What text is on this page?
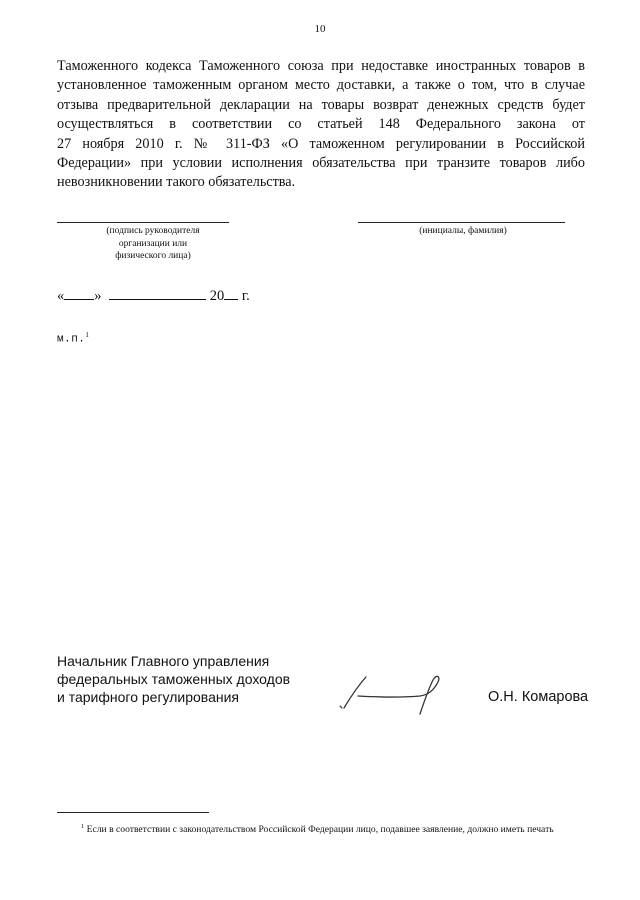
10
Таможенного кодекса Таможенного союза при недоставке иностранных товаров в
установленное таможенным органом место доставки, а также о том, что в случае
отзыва предварительной декларации на товары возврат денежных средств будет
осуществляться в соответствии со статьей 148 Федерального закона от
27 ноября 2010 г. № 311-ФЗ «О таможенном регулировании в Российской
Федерации» при условии исполнения обязательства при транзите товаров либо
невозникновении такого обязательства.
(подпись руководителя
организации или
физического лица)
(инициалы, фамилия)
« »	20 г.
м.п.$^1$
Начальник Главного управления
федеральных таможенных доходов
и тарифного регулирования	О.Н. Комарова
$^1$ Если в соответствии с законодательством Российской Федерации лицо, подавшее заявление, должно иметь печать
